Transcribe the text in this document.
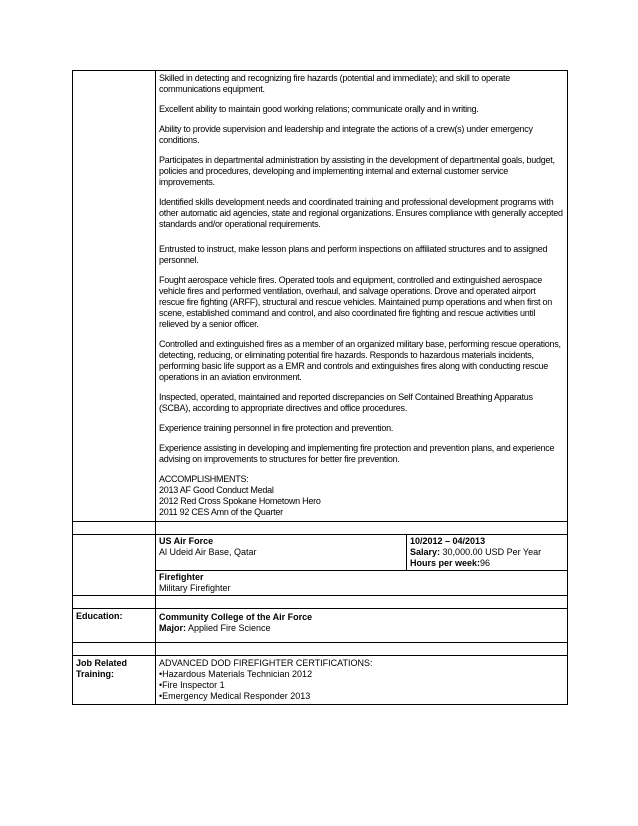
Skilled in detecting and recognizing fire hazards (potential and immediate); and skill to operate communications equipment.

Excellent ability to maintain good working relations; communicate orally and in writing.

Ability to provide supervision and leadership and integrate the actions of a crew(s) under emergency conditions.

Participates in departmental administration by assisting in the development of departmental goals, budget, policies and procedures, developing and implementing internal and external customer service improvements.

Identified skills development needs and coordinated training and professional development programs with other automatic aid agencies, state and regional organizations. Ensures compliance with generally accepted standards and/or operational requirements.

Entrusted to instruct, make lesson plans and perform inspections on affiliated structures and to assigned personnel.

Fought aerospace vehicle fires. Operated tools and equipment, controlled and extinguished aerospace vehicle fires and performed ventilation, overhaul, and salvage operations. Drove and operated airport rescue fire fighting (ARFF), structural and rescue vehicles. Maintained pump operations and when first on scene, established command and control, and also coordinated fire fighting and rescue activities until relieved by a senior officer.

Controlled and extinguished fires as a member of an organized military base, performing rescue operations, detecting, reducing, or eliminating potential fire hazards. Responds to hazardous materials incidents, performing basic life support as a EMR and controls and extinguishes fires along with conducting rescue operations in an aviation environment.

Inspected, operated, maintained and reported discrepancies on Self Contained Breathing Apparatus (SCBA), according to appropriate directives and office procedures.

Experience training personnel in fire protection and prevention.

Experience assisting in developing and implementing fire protection and prevention plans, and experience advising on improvements to structures for better fire prevention.

ACCOMPLISHMENTS:
2013 AF Good Conduct Medal
2012 Red Cross Spokane Hometown Hero
2011 92 CES Amn of the Quarter

US Air Force
Al Udeid Air Base, Qatar
10/2012 – 04/2013
Salary: 30,000.00 USD Per Year
Hours per week:96
Firefighter
Military Firefighter
Education:	Community College of the Air Force
Major: Applied Fire Science
Job Related
Training:
ADVANCED DOD FIREFIGHTER CERTIFICATIONS:
•Hazardous Materials Technician 2012
•Fire Inspector 1
•Emergency Medical Responder 2013
